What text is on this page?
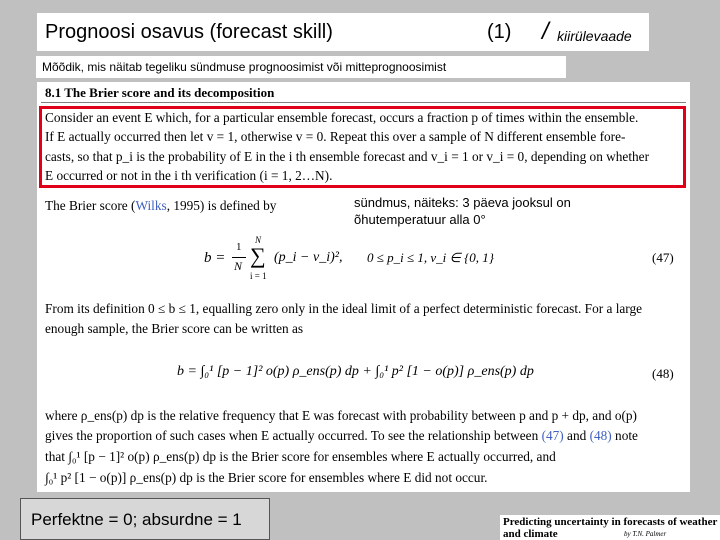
Prognoosi osavus (forecast skill)	(1) / kiirülevaade
Mõõdik, mis näitab tegeliku sündmuse prognoosimist või mitteprognoosimist
8.1 The Brier score and its decomposition
Consider an event E which, for a particular ensemble forecast, occurs a fraction p of times within the ensemble.
If E actually occurred then let v = 1, otherwise v = 0. Repeat this over a sample of N different ensemble fore-
casts, so that p_i is the probability of E in the i th ensemble forecast and v_i = 1 or v_i = 0, depending on whether
E occurred or not in the i th verification (i = 1, 2…N).
The Brier score (Wilks, 1995) is defined by	sündmus, näiteks: 3 päeva jooksul on
õhutemperatuur alla 0°
b =
1
N
N
∑
i = 1
(p_i − v_i)², 0 ≤ p_i ≤ 1, v_i ∈ {0, 1}	(47)
From its definition 0 ≤ b ≤ 1, equalling zero only in the ideal limit of a perfect deterministic forecast. For a large
enough sample, the Brier score can be written as
b = ∫₀¹ [p − 1]² o(p) ρ_ens(p) dp + ∫₀¹ p² [1 − o(p)] ρ_ens(p) dp	(48)
where ρ_ens(p) dp is the relative frequency that E was forecast with probability between p and p + dp, and o(p)
gives the proportion of such cases when E actually occurred. To see the relationship between (47) and (48) note
that ∫₀¹ [p − 1]² o(p) ρ_ens(p) dp is the Brier score for ensembles where E actually occurred, and
∫₀¹ p² [1 − o(p)] ρ_ens(p) dp is the Brier score for ensembles where E did not occur.
Perfektne = 0; absurdne = 1	Predicting uncertainty in forecasts of weather
and climate	by T.N. Palmer
